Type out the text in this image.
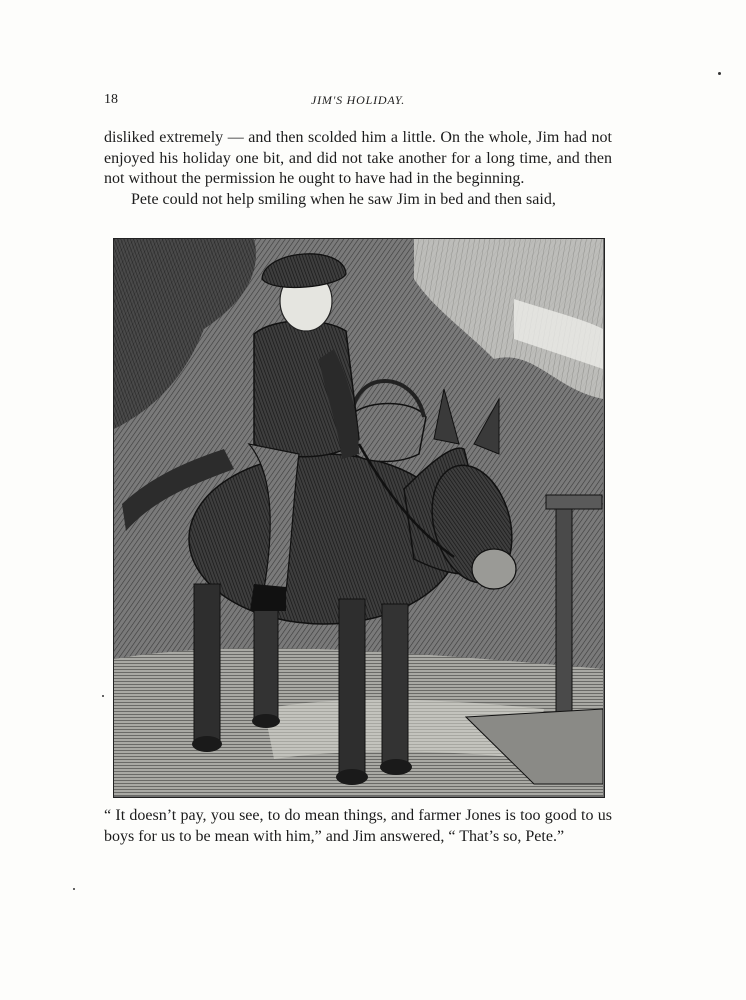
18	JIM'S HOLIDAY.

disliked extremely — and then scolded him a little. On the whole, Jim had not enjoyed his holiday one bit, and did not take another for a long time, and then not without the permission he ought to have had in the beginning.

Pete could not help smiling when he saw Jim in bed and then said,

“ It doesn’t pay, you see, to do mean things, and farmer Jones is too good to us boys for us to be mean with him,” and Jim answered, “ That’s so, Pete.”
